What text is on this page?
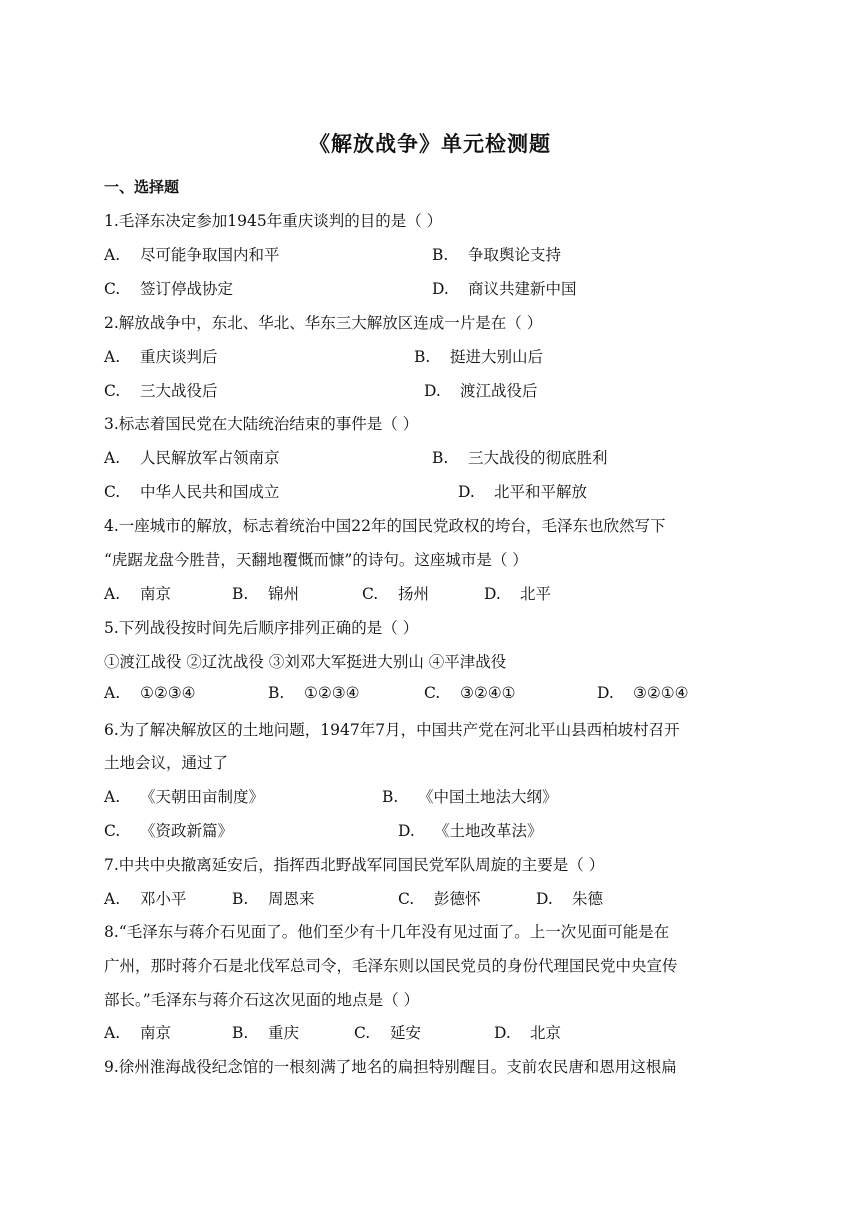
《解放战争》单元检测题
一、选择题
1.毛泽东决定参加1945年重庆谈判的目的是（ ）
A. 尽可能争取国内和平	B. 争取舆论支持
C. 签订停战协定	D. 商议共建新中国
2.解放战争中，东北、华北、华东三大解放区连成一片是在（ ）
A. 重庆谈判后	B. 挺进大别山后
C. 三大战役后	D. 渡江战役后
3.标志着国民党在大陆统治结束的事件是（ ）
A. 人民解放军占领南京	B. 三大战役的彻底胜利
C. 中华人民共和国成立	D. 北平和平解放
4.一座城市的解放，标志着统治中国22年的国民党政权的垮台，毛泽东也欣然写下
“虎踞龙盘今胜昔，天翻地覆慨而慷”的诗句。这座城市是（ ）
A. 南京	B. 锦州	C. 扬州	D. 北平
5.下列战役按时间先后顺序排列正确的是（ ）
①渡江战役 ②辽沈战役 ③刘邓大军挺进大别山 ④平津战役
A. ①②③④	B. ①②③④	C. ③②④①	D. ③②①④
6.为了解决解放区的土地问题，1947年7月，中国共产党在河北平山县西柏坡村召开
土地会议，通过了
A. 《天朝田亩制度》	B. 《中国土地法大纲》
C. 《资政新篇》	D. 《土地改革法》
7.中共中央撤离延安后，指挥西北野战军同国民党军队周旋的主要是（ ）
A. 邓小平	B. 周恩来	C. 彭德怀	D. 朱德
8.“毛泽东与蒋介石见面了。他们至少有十几年没有见过面了。上一次见面可能是在
广州，那时蒋介石是北伐军总司令，毛泽东则以国民党员的身份代理国民党中央宣传
部长。”毛泽东与蒋介石这次见面的地点是（ ）
A. 南京	B. 重庆	C. 延安	D. 北京
9.徐州淮海战役纪念馆的一根刻满了地名的扁担特别醒目。支前农民唐和恩用这根扁
